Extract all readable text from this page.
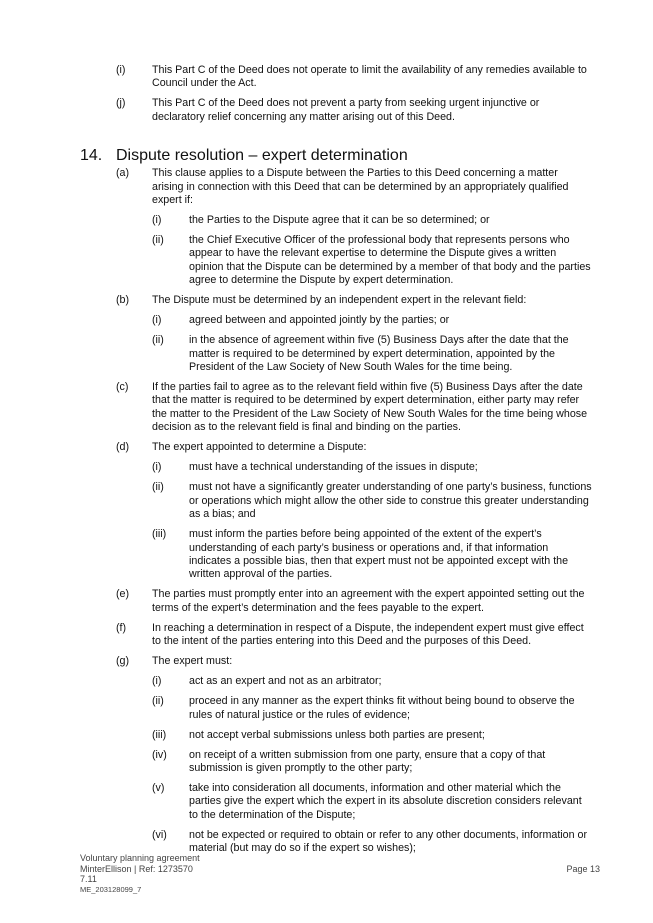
(i) This Part C of the Deed does not operate to limit the availability of any remedies available to Council under the Act.
(j) This Part C of the Deed does not prevent a party from seeking urgent injunctive or declaratory relief concerning any matter arising out of this Deed.
14. Dispute resolution – expert determination
(a) This clause applies to a Dispute between the Parties to this Deed concerning a matter arising in connection with this Deed that can be determined by an appropriately qualified expert if:
(i)	the Parties to the Dispute agree that it can be so determined; or
(ii) the Chief Executive Officer of the professional body that represents persons who appear to have the relevant expertise to determine the Dispute gives a written opinion that the Dispute can be determined by a member of that body and the parties agree to determine the Dispute by expert determination.
(b) The Dispute must be determined by an independent expert in the relevant field:
(i)	agreed between and appointed jointly by the parties; or
(ii) in the absence of agreement within five (5) Business Days after the date that the matter is required to be determined by expert determination, appointed by the President of the Law Society of New South Wales for the time being.
(c) If the parties fail to agree as to the relevant field within five (5) Business Days after the date that the matter is required to be determined by expert determination, either party may refer the matter to the President of the Law Society of New South Wales for the time being whose decision as to the relevant field is final and binding on the parties.
(d) The expert appointed to determine a Dispute:
(i)	must have a technical understanding of the issues in dispute;
(ii) must not have a significantly greater understanding of one party’s business, functions or operations which might allow the other side to construe this greater understanding as a bias; and
(iii) must inform the parties before being appointed of the extent of the expert’s understanding of each party’s business or operations and, if that information indicates a possible bias, then that expert must not be appointed except with the written approval of the parties.
(e) The parties must promptly enter into an agreement with the expert appointed setting out the terms of the expert’s determination and the fees payable to the expert.
(f) In reaching a determination in respect of a Dispute, the independent expert must give effect to the intent of the parties entering into this Deed and the purposes of this Deed.
(g) The expert must:
(i)	act as an expert and not as an arbitrator;
(ii) proceed in any manner as the expert thinks fit without being bound to observe the rules of natural justice or the rules of evidence;
(iii) not accept verbal submissions unless both parties are present;
(iv) on receipt of a written submission from one party, ensure that a copy of that submission is given promptly to the other party;
(v) take into consideration all documents, information and other material which the parties give the expert which the expert in its absolute discretion considers relevant to the determination of the Dispute;
(vi) not be expected or required to obtain or refer to any other documents, information or material (but may do so if the expert so wishes);
Voluntary planning agreement
MinterEllison | Ref: 1273570
7.11
ME_203128099_7
Page 13
